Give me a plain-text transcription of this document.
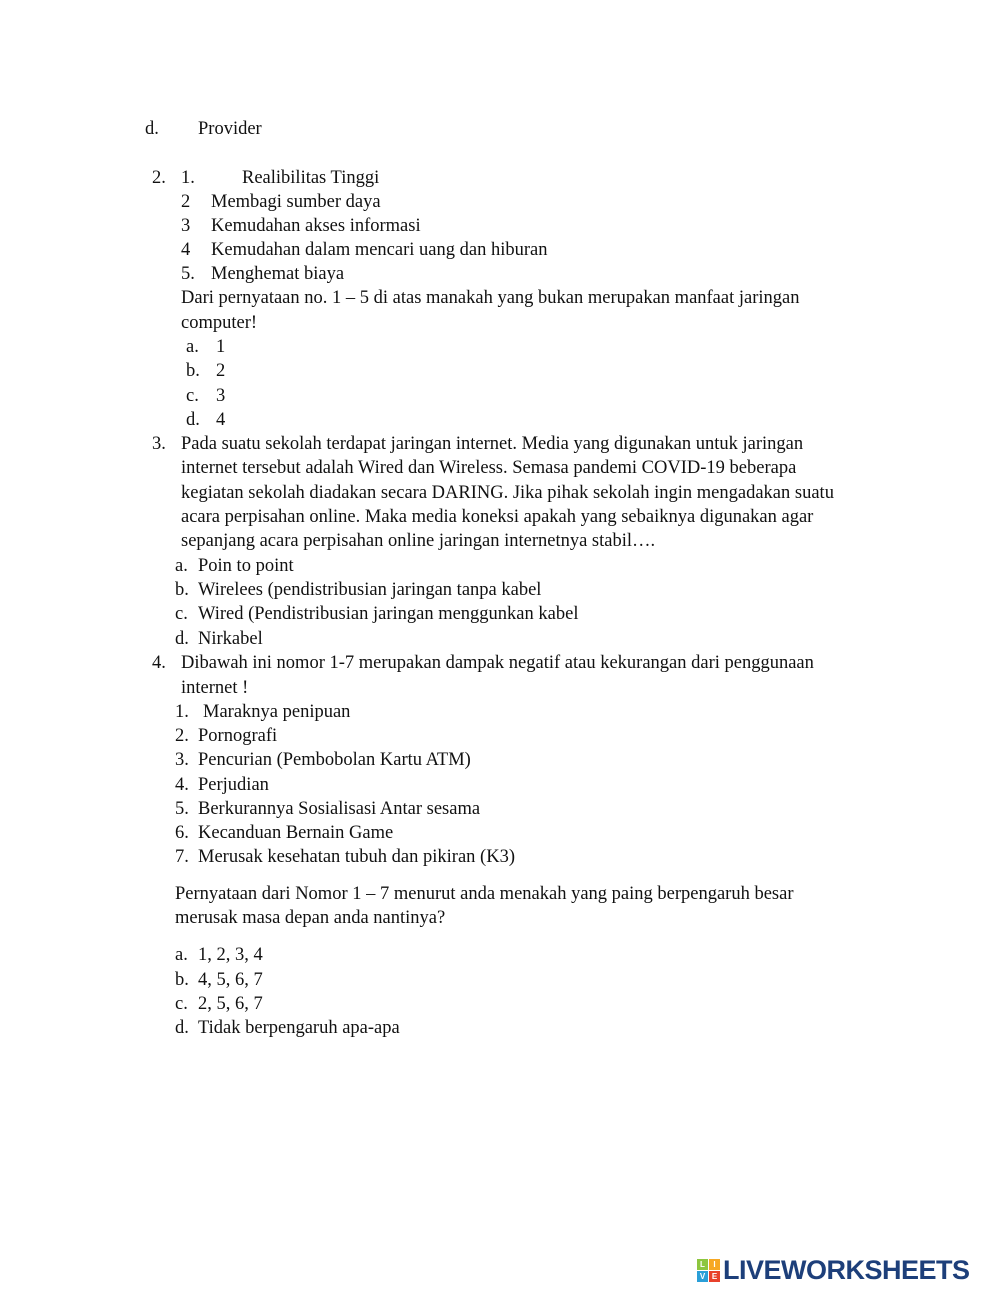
d. Provider
2. 1.	Realibilitas Tinggi
2 Membagi sumber daya
3 Kemudahan akses informasi
4 Kemudahan dalam mencari uang dan hiburan
5. Menghemat biaya
Dari pernyataan no. 1 – 5 di atas manakah yang bukan merupakan manfaat jaringan
computer!
a. 1
b. 2
c. 3
d. 4
3. Pada suatu sekolah terdapat jaringan internet. Media yang digunakan untuk jaringan
internet tersebut adalah Wired dan Wireless. Semasa pandemi COVID-19 beberapa
kegiatan sekolah diadakan secara DARING. Jika pihak sekolah ingin mengadakan suatu
acara perpisahan online. Maka media koneksi apakah yang sebaiknya digunakan agar
sepanjang acara perpisahan online jaringan internetnya stabil….
a. Poin to point
b. Wirelees (pendistribusian jaringan tanpa kabel
c. Wired (Pendistribusian jaringan menggunkan kabel
d. Nirkabel
4. Dibawah ini nomor 1-7 merupakan dampak negatif atau kekurangan dari penggunaan
internet !
1. Maraknya penipuan
2. Pornografi
3. Pencurian (Pembobolan Kartu ATM)
4. Perjudian
5. Berkurannya Sosialisasi Antar sesama
6. Kecanduan Bernain Game
7. Merusak kesehatan tubuh dan pikiran (K3)
Pernyataan dari Nomor 1 – 7 menurut anda menakah yang paing berpengaruh besar
merusak masa depan anda nantinya?
a. 1, 2, 3, 4
b. 4, 5, 6, 7
c. 2, 5, 6, 7
d. Tidak berpengaruh apa-apa
L	I
V E LIVEWORKSHEETS
